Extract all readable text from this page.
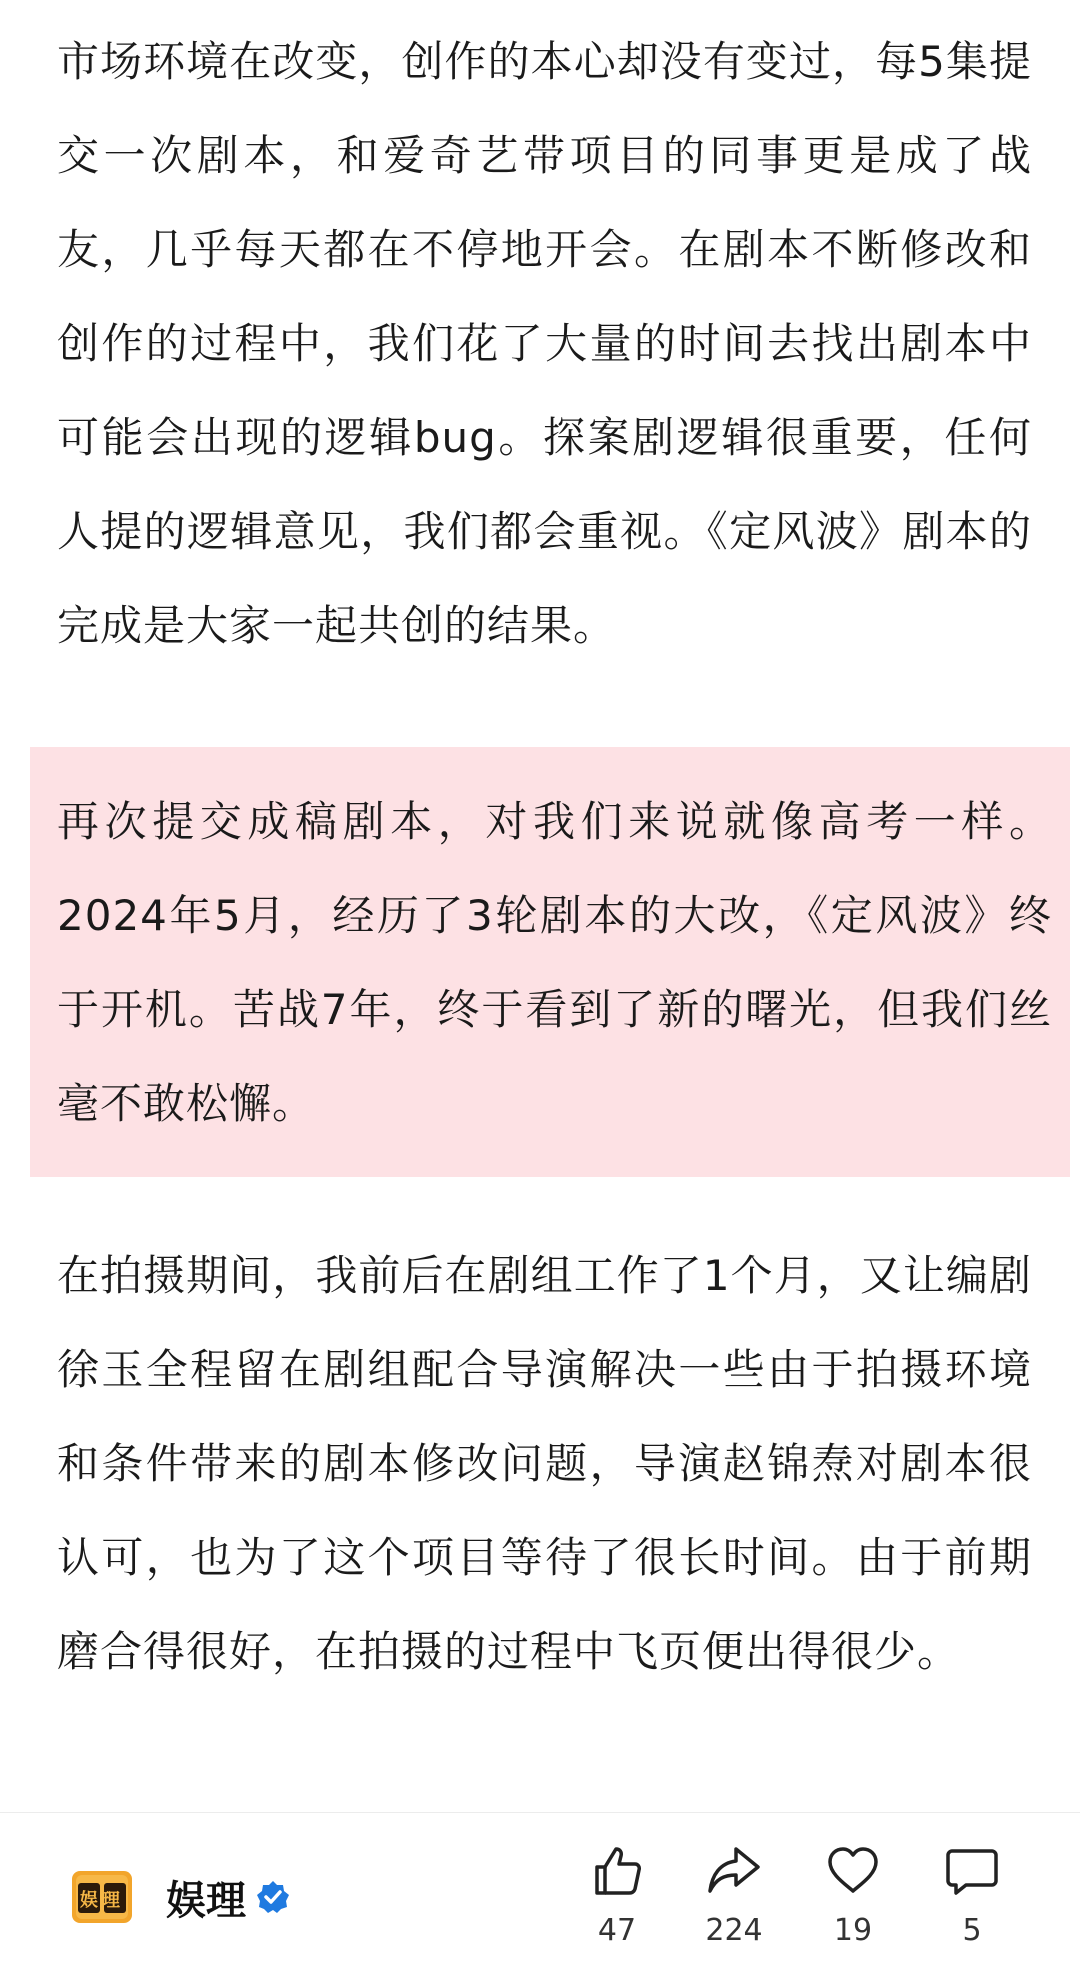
市场环境在改变，创作的本心却没有变过，每5集提交一次剧本，和爱奇艺带项目的同事更是成了战友，几乎每天都在不停地开会。在剧本不断修改和创作的过程中，我们花了大量的时间去找出剧本中可能会出现的逻辑bug。探案剧逻辑很重要，任何人提的逻辑意见，我们都会重视。《定风波》剧本的完成是大家一起共创的结果。

再次提交成稿剧本，对我们来说就像高考一样。2024年5月，经历了3轮剧本的大改，《定风波》终于开机。苦战7年，终于看到了新的曙光，但我们丝毫不敢松懈。

在拍摄期间，我前后在剧组工作了1个月，又让编剧徐玉全程留在剧组配合导演解决一些由于拍摄环境和条件带来的剧本修改问题，导演赵锦焘对剧本很认可，也为了这个项目等待了很长时间。由于前期磨合得很好，在拍摄的过程中飞页便出得很少。

娱理 娱理
47	224	19	5
